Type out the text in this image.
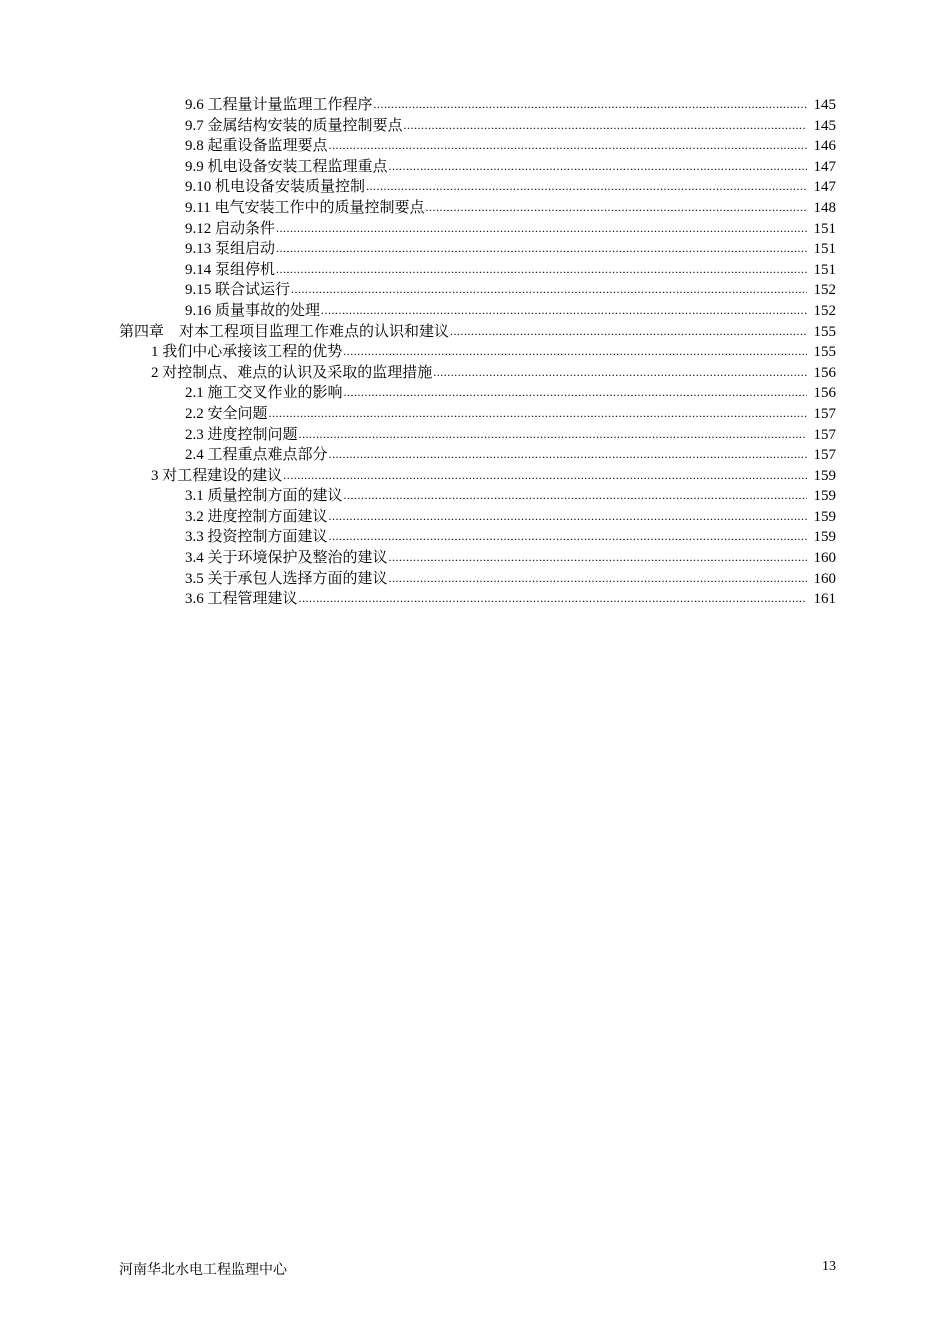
9.6 工程量计量监理工作程序 .....	145
9.7 金属结构安装的质量控制要点 .....	145
9.8 起重设备监理要点 .....	146
9.9 机电设备安装工程监理重点 .....	147
9.10 机电设备安装质量控制 .....	147
9.11 电气安装工作中的质量控制要点 .....	148
9.12 启动条件 .....	151
9.13 泵组启动 .....	151
9.14 泵组停机 .....	151
9.15 联合试运行 .....	152
9.16 质量事故的处理 .....	152
第四章　对本工程项目监理工作难点的认识和建议 .....	155
1 我们中心承接该工程的优势 .....	155
2 对控制点、难点的认识及采取的监理措施 .....	156
2.1 施工交叉作业的影响 .....	156
2.2 安全问题 .....	157
2.3 进度控制问题 .....	157
2.4 工程重点难点部分 .....	157
3 对工程建设的建议 .....	159
3.1 质量控制方面的建议 .....	159
3.2 进度控制方面建议 .....	159
3.3 投资控制方面建议 .....	159
3.4 关于环境保护及整治的建议 .....	160
3.5 关于承包人选择方面的建议 .....	160
3.6 工程管理建议 .....	161
河南华北水电工程监理中心	13
